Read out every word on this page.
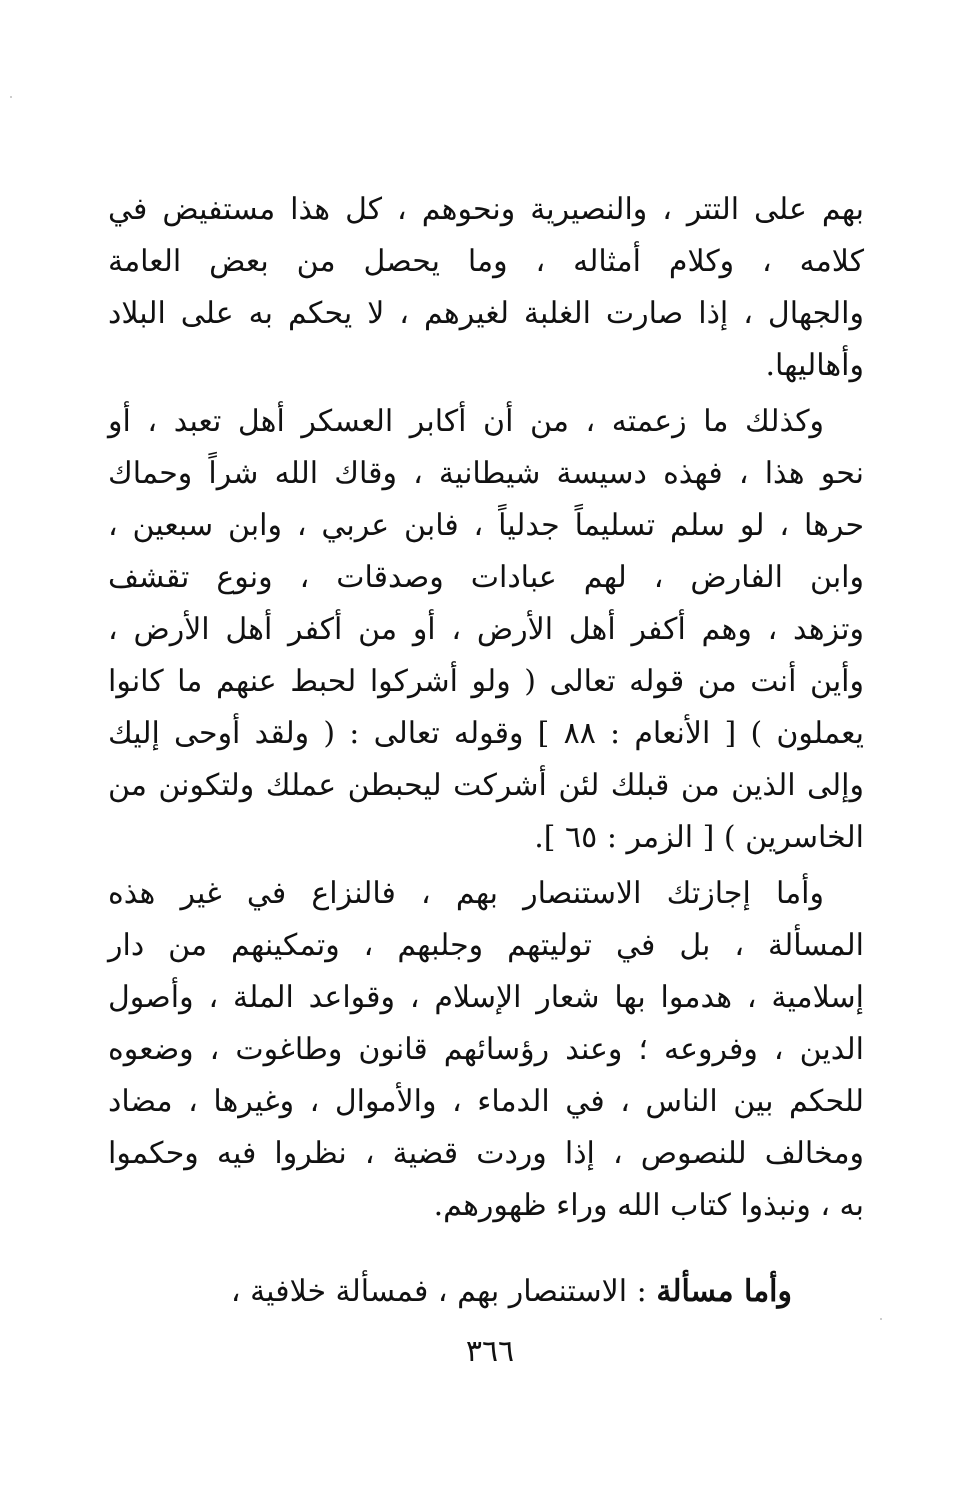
بهم على التتر ، والنصيرية ونحوهم ، كل هذا مستفيض في
كلامه ، وكلام أمثاله ، وما يحصل من بعض العامة
والجهال ، إذا صارت الغلبة لغيرهم ، لا يحكم به على البلاد
وأهاليها.
وكذلك ما زعمته ، من أن أكابر العسكر أهل تعبد ، أو
نحو هذا ، فهذه دسيسة شيطانية ، وقاك الله شراً وحماك
حرها ، لو سلم تسليماً جدلياً ، فابن عربي ، وابن سبعين ،
وابن الفارض ، لهم عبادات وصدقات ، ونوع تقشف
وتزهد ، وهم أكفر أهل الأرض ، أو من أكفر أهل الأرض ،
وأين أنت من قوله تعالى ( ولو أشركوا لحبط عنهم ما كانوا
يعملون ) [ الأنعام : ٨٨ ] وقوله تعالى : ( ولقد أوحى إليك
وإلى الذين من قبلك لئن أشركت ليحبطن عملك ولتكونن من
الخاسرين ) [ الزمر : ٦٥ ].
وأما إجازتك الاستنصار بهم ، فالنزاع في غير هذه
المسألة ، بل في توليتهم وجلبهم ، وتمكينهم من دار
إسلامية ، هدموا بها شعار الإسلام ، وقواعد الملة ، وأصول
الدين ، وفروعه ؛ وعند رؤسائهم قانون وطاغوت ، وضعوه
للحكم بين الناس ، في الدماء ، والأموال ، وغيرها ، مضاد
ومخالف للنصوص ، إذا وردت قضية ، نظروا فيه وحكموا
به ، ونبذوا كتاب الله وراء ظهورهم.
وأما مسألة : الاستنصار بهم ، فمسألة خلافية ،
٣٦٦
